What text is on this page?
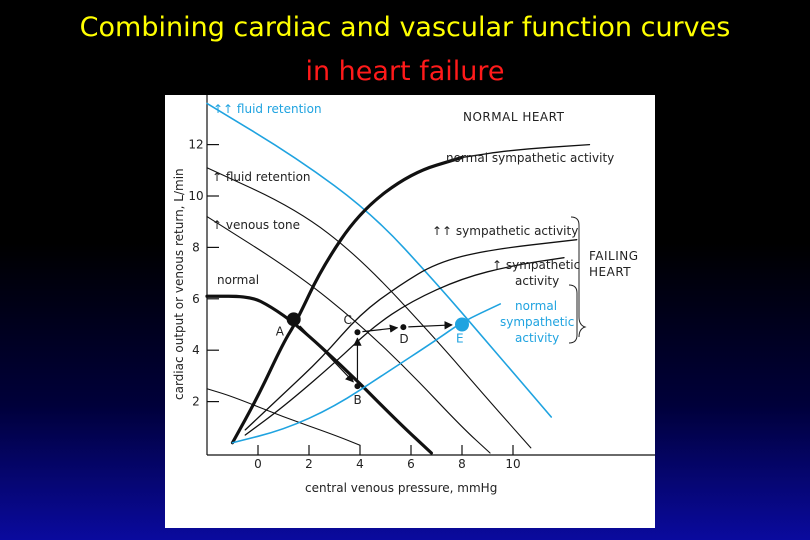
Combining cardiac and vascular function curves
in heart failure
2
4
6
8
10
12
0	2	4	6	8	10
A
B
C
D	E
cardiac output or venous return, L/min
central venous pressure, mmHg
↑↑ fluid retention
NORMAL HEART
normal sympathetic activity
↑ fluid retention
↑ venous tone	↑↑ sympathetic activity
↑ sympathetic
activity
normal
FAILING
HEART
normal
sympathetic
activity
